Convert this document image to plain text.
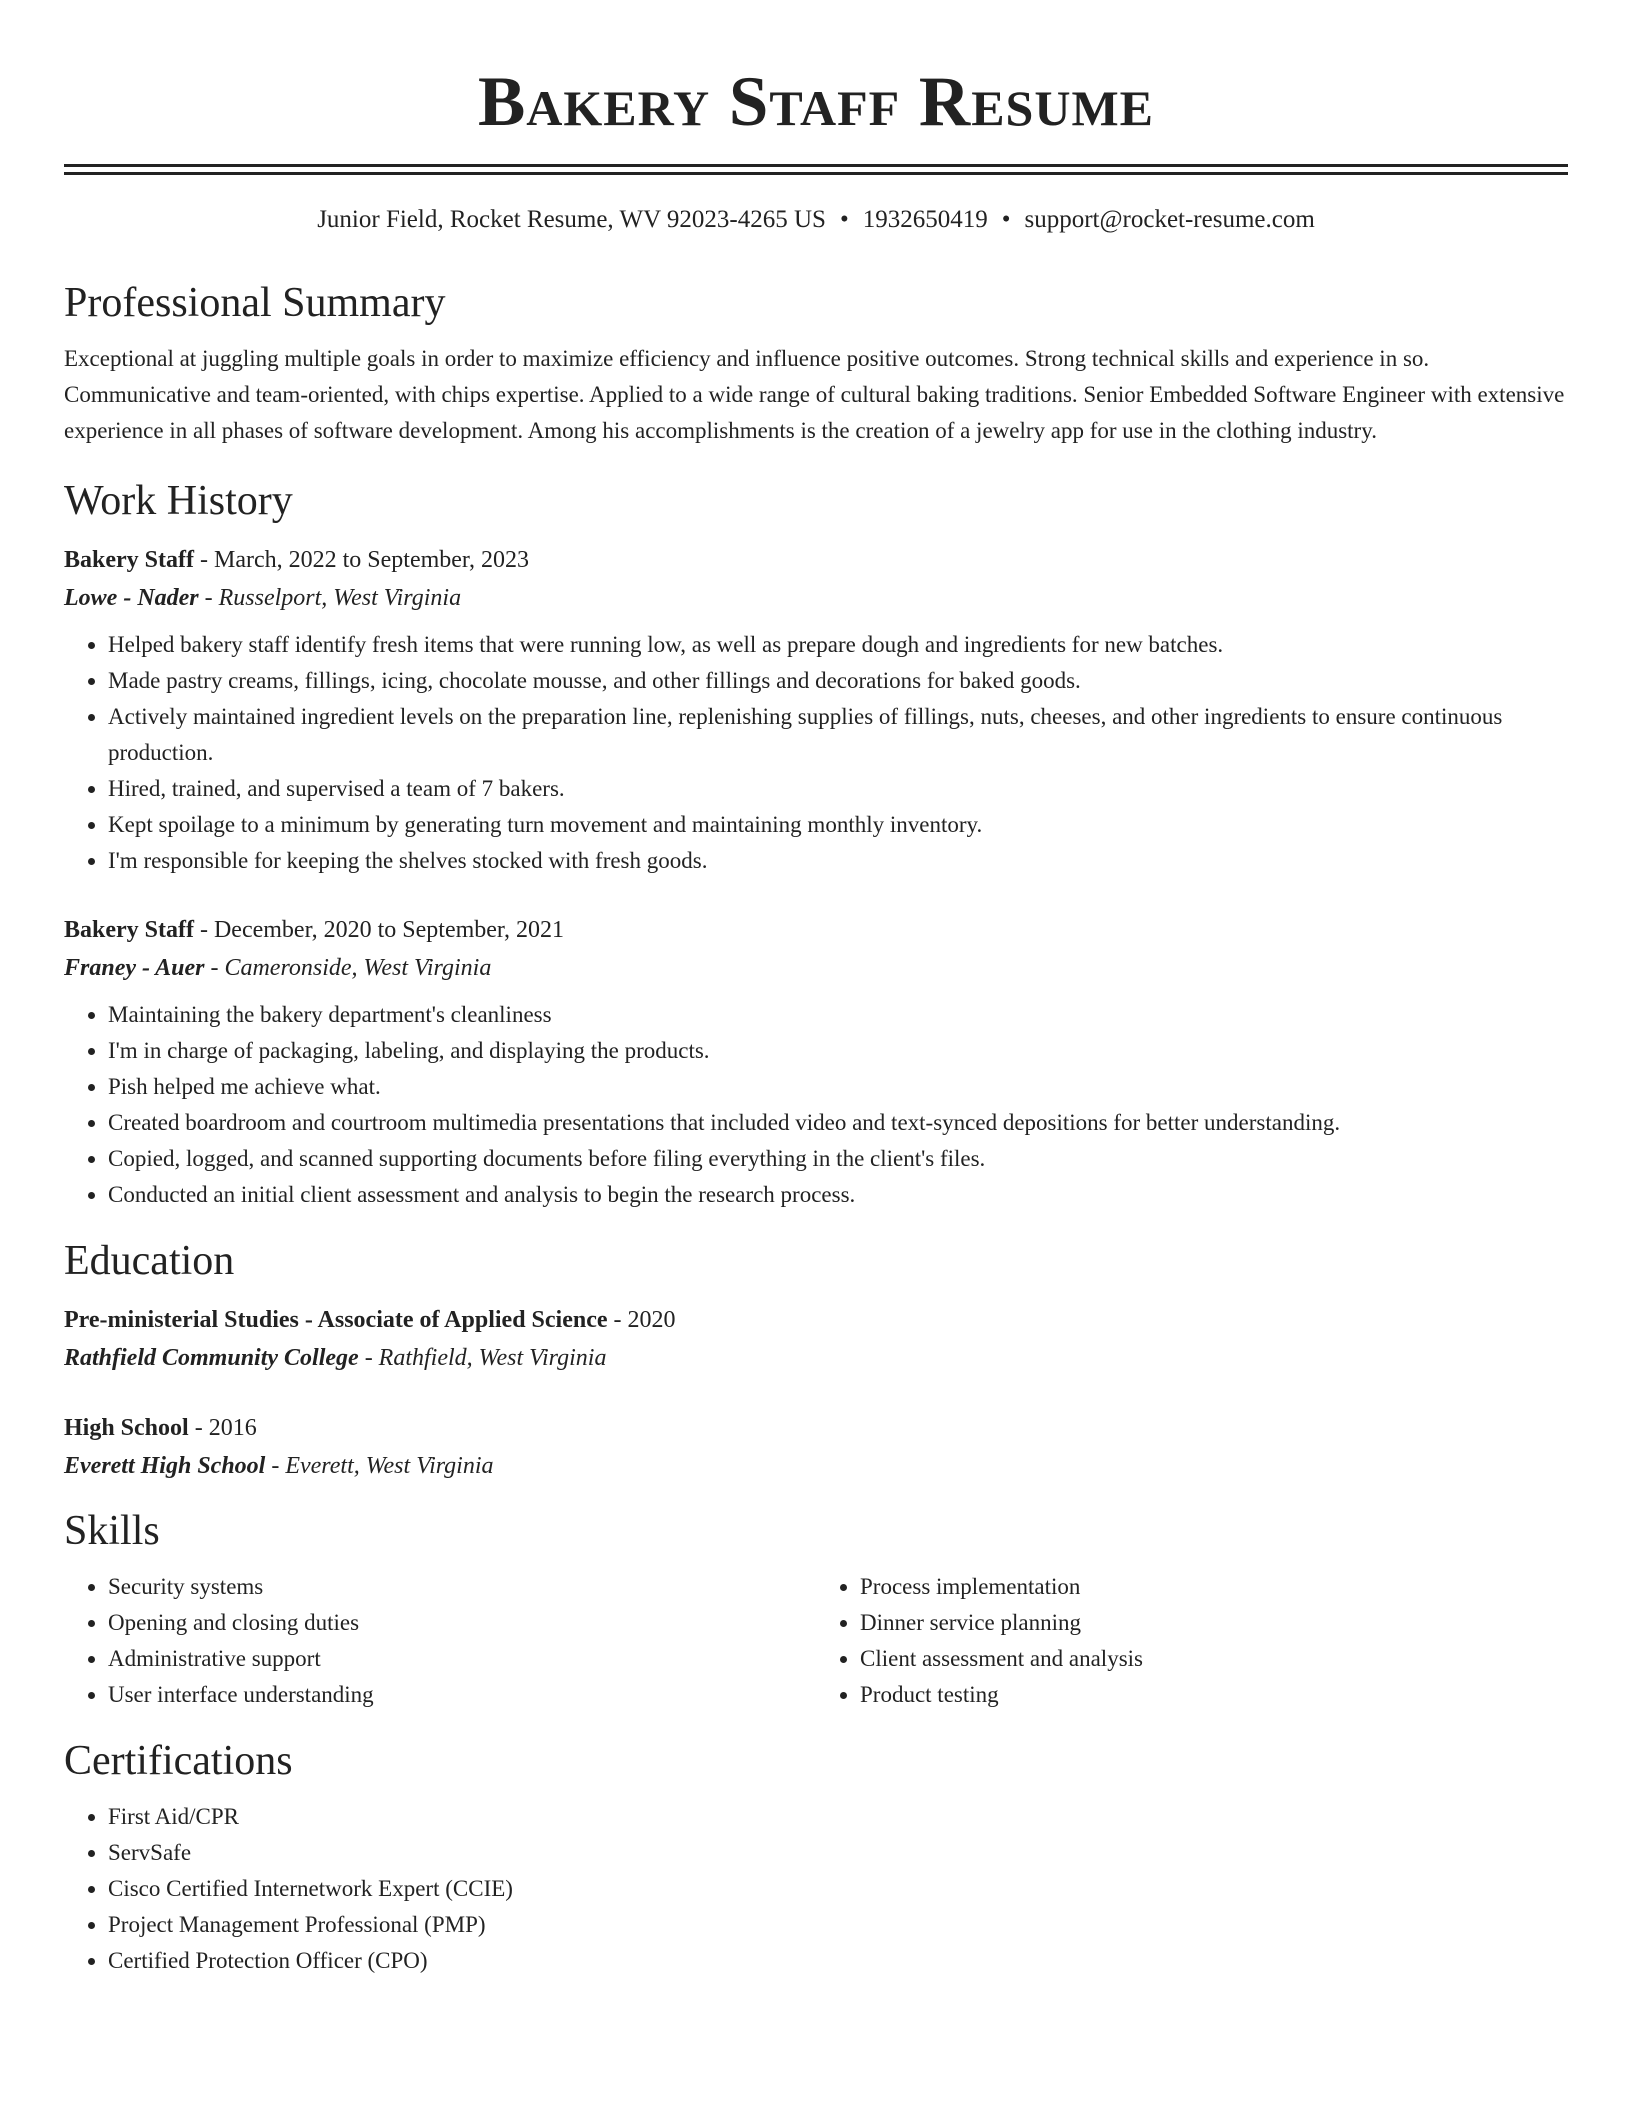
Bakery Staff Resume
Junior Field, Rocket Resume, WV 92023-4265 US • 1932650419 • support@rocket-resume.com
Professional Summary

Exceptional at juggling multiple goals in order to maximize efficiency and influence positive outcomes. Strong technical skills and experience in so. Communicative and team-oriented, with chips expertise. Applied to a wide range of cultural baking traditions. Senior Embedded Software Engineer with extensive experience in all phases of software development. Among his accomplishments is the creation of a jewelry app for use in the clothing industry.

Work History
Bakery Staff - March, 2022 to September, 2023
Lowe - Nader - Russelport, West Virginia
• Helped bakery staff identify fresh items that were running low, as well as prepare dough and ingredients for new batches.
• Made pastry creams, fillings, icing, chocolate mousse, and other fillings and decorations for baked goods.
• Actively maintained ingredient levels on the preparation line, replenishing supplies of fillings, nuts, cheeses, and other ingredients to ensure continuous production.
• Hired, trained, and supervised a team of 7 bakers.
• Kept spoilage to a minimum by generating turn movement and maintaining monthly inventory.
• I'm responsible for keeping the shelves stocked with fresh goods.
Bakery Staff - December, 2020 to September, 2021
Franey - Auer - Cameronside, West Virginia
• Maintaining the bakery department's cleanliness
• I'm in charge of packaging, labeling, and displaying the products.
• Pish helped me achieve what.
• Created boardroom and courtroom multimedia presentations that included video and text-synced depositions for better understanding.
• Copied, logged, and scanned supporting documents before filing everything in the client's files.
• Conducted an initial client assessment and analysis to begin the research process.
Education
Pre-ministerial Studies - Associate of Applied Science - 2020
Rathfield Community College - Rathfield, West Virginia
High School - 2016
Everett High School - Everett, West Virginia
Skills
• Security systems
• Opening and closing duties
• Administrative support
• User interface understanding
• Process implementation
• Dinner service planning
• Client assessment and analysis
• Product testing
Certifications
• First Aid/CPR
• ServSafe
• Cisco Certified Internetwork Expert (CCIE)
• Project Management Professional (PMP)
• Certified Protection Officer (CPO)
